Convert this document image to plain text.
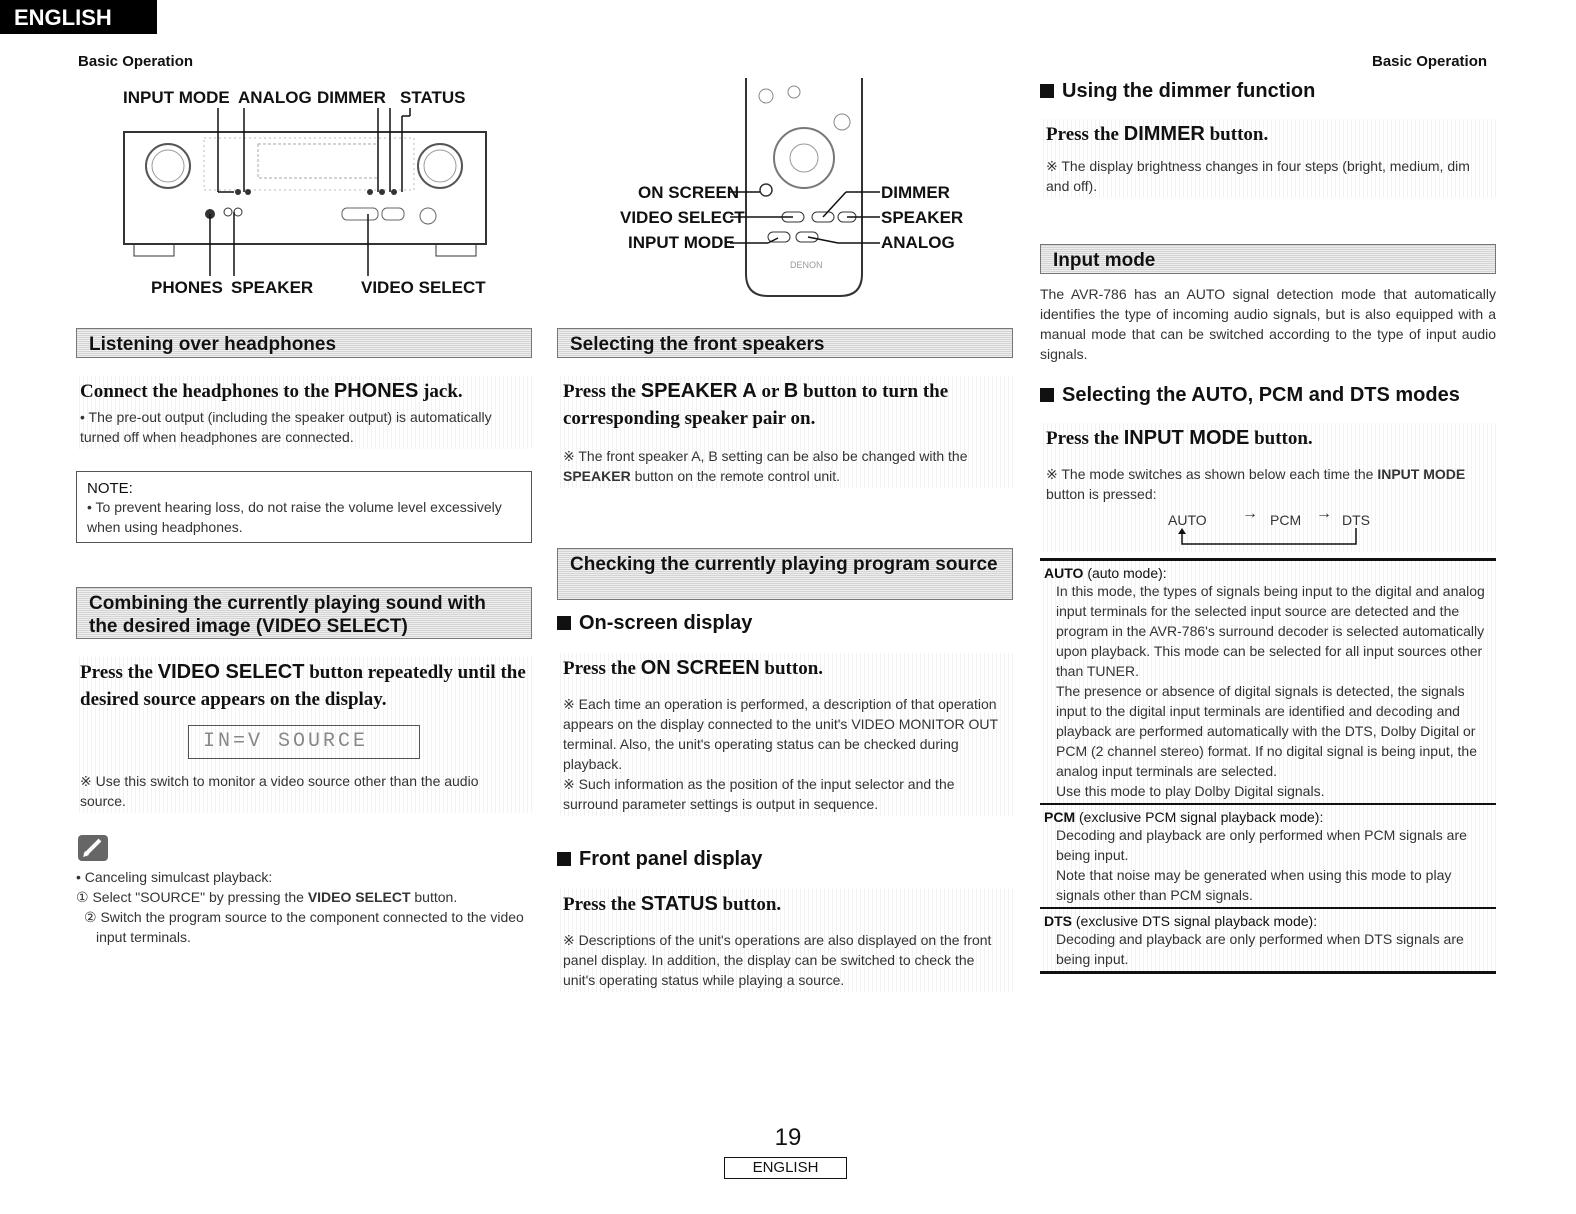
ENGLISH
Basic Operation	Basic Operation
INPUT MODE ANALOG DIMMER STATUS
PHONES SPEAKER	VIDEO SELECT
ON SCREEN
VIDEO SELECT
INPUT MODE
DIMMER
SPEAKER
ANALOG
DENON
Listening over headphones
Connect the headphones to the PHONES jack.
• The pre-out output (including the speaker output) is automatically turned off when headphones are connected.
NOTE:
• To prevent hearing loss, do not raise the volume level excessively when using headphones.
Combining the currently playing sound with the desired image (VIDEO SELECT)
Press the VIDEO SELECT button repeatedly until the desired source appears on the display.
IN=V SOURCE
※ Use this switch to monitor a video source other than the audio source.
• Canceling simulcast playback:
① Select "SOURCE" by pressing the VIDEO SELECT button.
② Switch the program source to the component connected to the video input terminals.
Selecting the front speakers
Press the SPEAKER A or B button to turn the corresponding speaker pair on.
※ The front speaker A, B setting can be also be changed with the SPEAKER button on the remote control unit.
Checking the currently playing program source
On-screen display
Press the ON SCREEN button.
※ Each time an operation is performed, a description of that operation appears on the display connected to the unit's VIDEO MONITOR OUT terminal. Also, the unit's operating status can be checked during playback.
※ Such information as the position of the input selector and the surround parameter settings is output in sequence.
Front panel display
Press the STATUS button.
※ Descriptions of the unit's operations are also displayed on the front panel display. In addition, the display can be switched to check the unit's operating status while playing a source.
Using the dimmer function
Press the DIMMER button.
※ The display brightness changes in four steps (bright, medium, dim and off).
Input mode
The AVR-786 has an AUTO signal detection mode that automatically identifies the type of incoming audio signals, but is also equipped with a manual mode that can be switched according to the type of input audio signals.
Selecting the AUTO, PCM and DTS modes
Press the INPUT MODE button.
※ The mode switches as shown below each time the INPUT MODE button is pressed:
AUTO → PCM → DTS
AUTO (auto mode):
In this mode, the types of signals being input to the digital and analog input terminals for the selected input source are detected and the program in the AVR-786's surround decoder is selected automatically upon playback. This mode can be selected for all input sources other than TUNER.
The presence or absence of digital signals is detected, the signals input to the digital input terminals are identified and decoding and playback are performed automatically with the DTS, Dolby Digital or PCM (2 channel stereo) format. If no digital signal is being input, the analog input terminals are selected.
Use this mode to play Dolby Digital signals.
PCM (exclusive PCM signal playback mode):
Decoding and playback are only performed when PCM signals are being input.
Note that noise may be generated when using this mode to play signals other than PCM signals.
DTS (exclusive DTS signal playback mode):
Decoding and playback are only performed when DTS signals are being input.
19
ENGLISH
